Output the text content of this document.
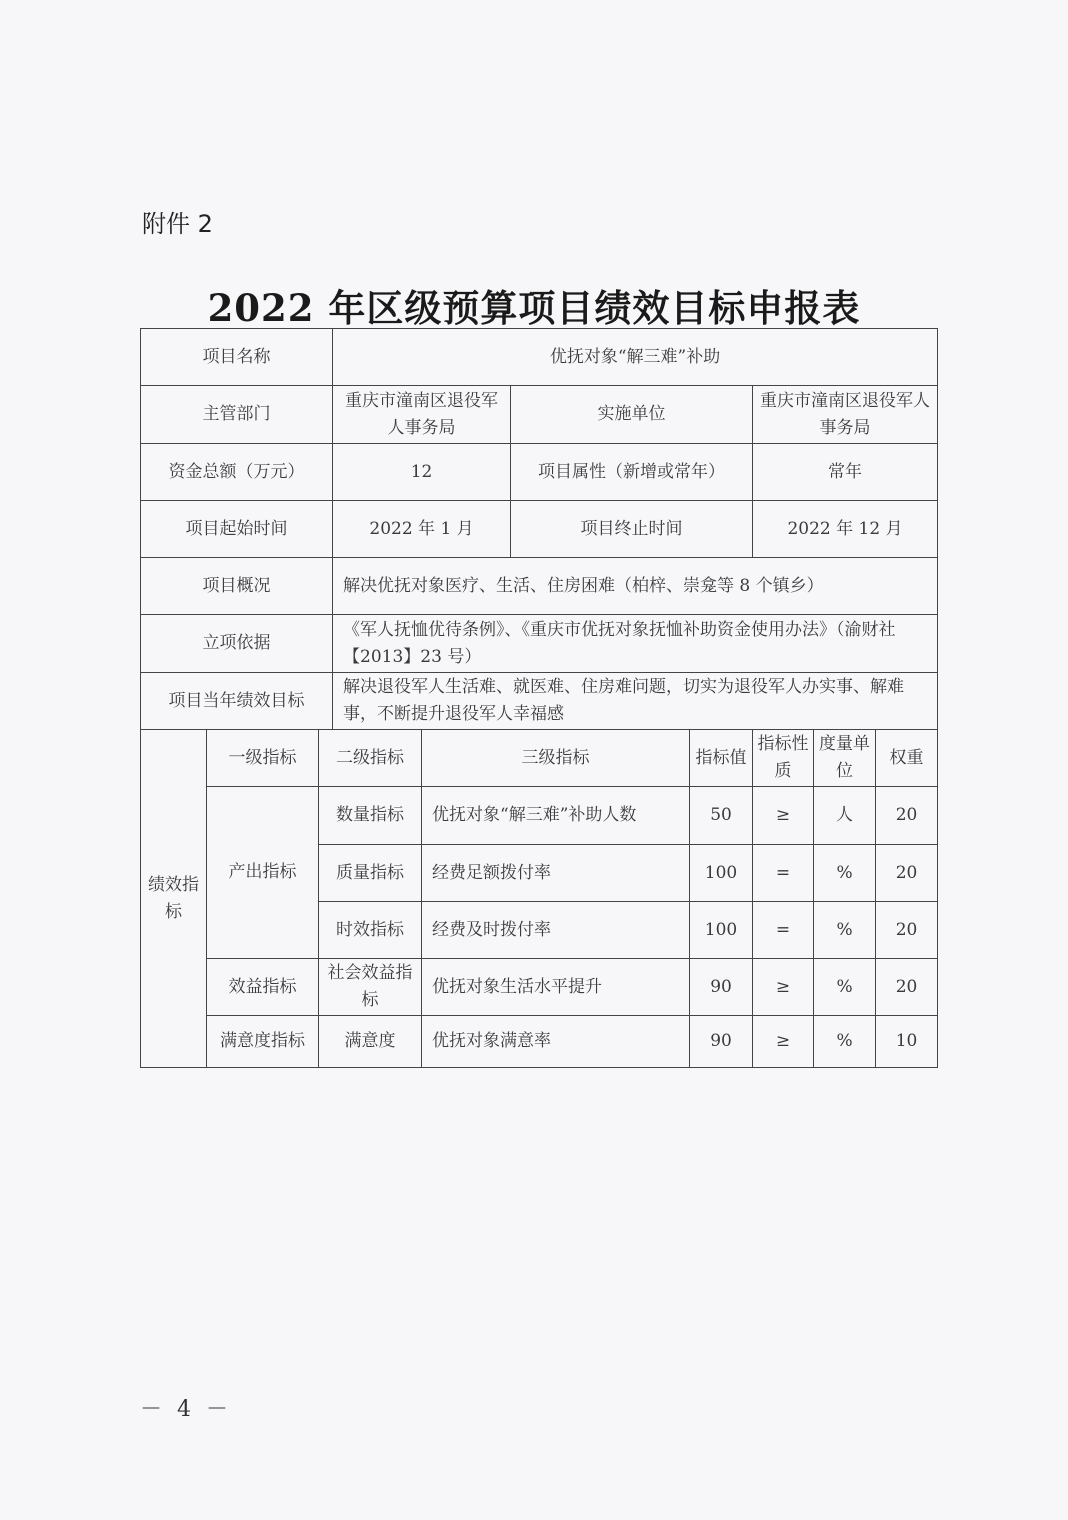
附件 2
2022 年区级预算项目绩效目标申报表
项目名称			优抚对象“解三难”补助						
主管部门			重庆市潼南区退役军人事务局		实施单位		重庆市潼南区退役军人事务局		
资金总额（万元）			12		项目属性（新增或常年）		常年		
项目起始时间			2022 年 1 月		项目终止时间		2022 年 12 月		
项目概况			解决优抚对象医疗、生活、住房困难（柏梓、崇龛等 8 个镇乡）						
立项依据			《军人抚恤优待条例》、《重庆市优抚对象抚恤补助资金使用办法》（渝财社【2013】23 号）						
项目当年绩效目标			解决退役军人生活难、就医难、住房难问题，切实为退役军人办实事、解难事，不断提升退役军人幸福感						
绩效指标	一级指标	二级指标		三级指标		指标值	指标性质	度量单位	权重
	产出指标	数量指标		优抚对象“解三难”补助人数		50	≥	人	20
		质量指标		经费足额拨付率		100	=	%	20
		时效指标		经费及时拨付率		100	=	%	20
	效益指标	社会效益指标		优抚对象生活水平提升		90	≥	%	20
	满意度指标	满意度		优抚对象满意率		90	≥	%	10
－ 4 －
